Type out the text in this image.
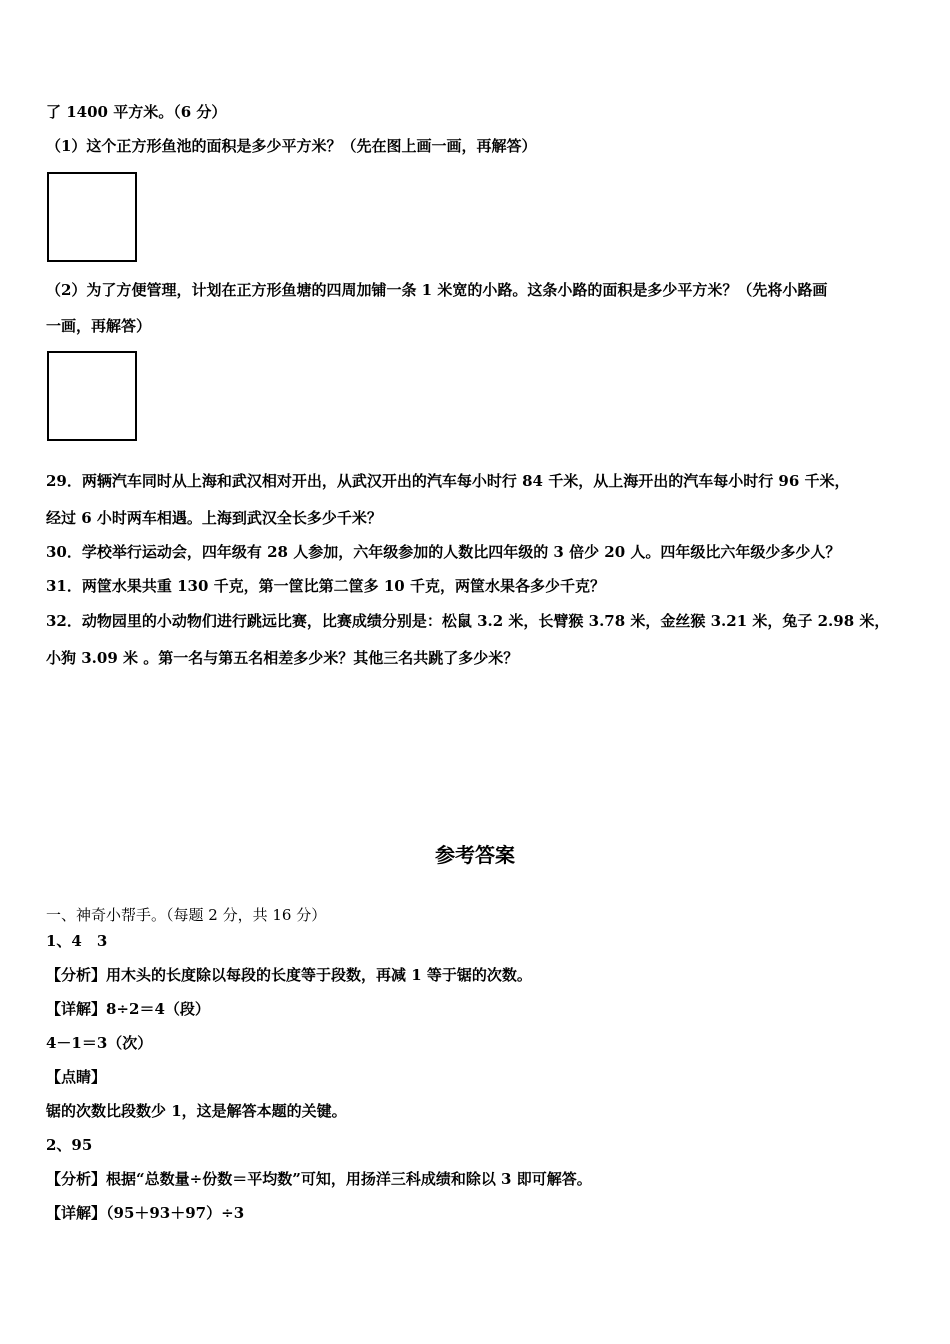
了 1400 平方米。（6 分）
（1）这个正方形鱼池的面积是多少平方米？（先在图上画一画，再解答）
（2）为了方便管理，计划在正方形鱼塘的四周加铺一条 1 米宽的小路。这条小路的面积是多少平方米？（先将小路画
一画，再解答）
29．两辆汽车同时从上海和武汉相对开出，从武汉开出的汽车每小时行 84 千米，从上海开出的汽车每小时行 96 千米，
经过 6 小时两车相遇。上海到武汉全长多少千米？
30．学校举行运动会，四年级有 28 人参加，六年级参加的人数比四年级的 3 倍少 20 人。四年级比六年级少多少人？
31．两筐水果共重 130 千克，第一筐比第二筐多 10 千克，两筐水果各多少千克？
32．动物园里的小动物们进行跳远比赛，比赛成绩分别是：松鼠 3.2 米，长臂猴 3.78 米，金丝猴 3.21 米，兔子 2.98 米，
小狗 3.09 米 。第一名与第五名相差多少米？其他三名共跳了多少米？
参考答案
一、神奇小帮手。（每题 2 分，共 16 分）
1、4　3
【分析】用木头的长度除以每段的长度等于段数，再减 1 等于锯的次数。
【详解】8÷2＝4（段）
4－1＝3（次）
【点睛】
锯的次数比段数少 1，这是解答本题的关键。
2、95
【分析】根据“总数量÷份数＝平均数”可知，用扬洋三科成绩和除以 3 即可解答。
【详解】（95＋93＋97）÷3
